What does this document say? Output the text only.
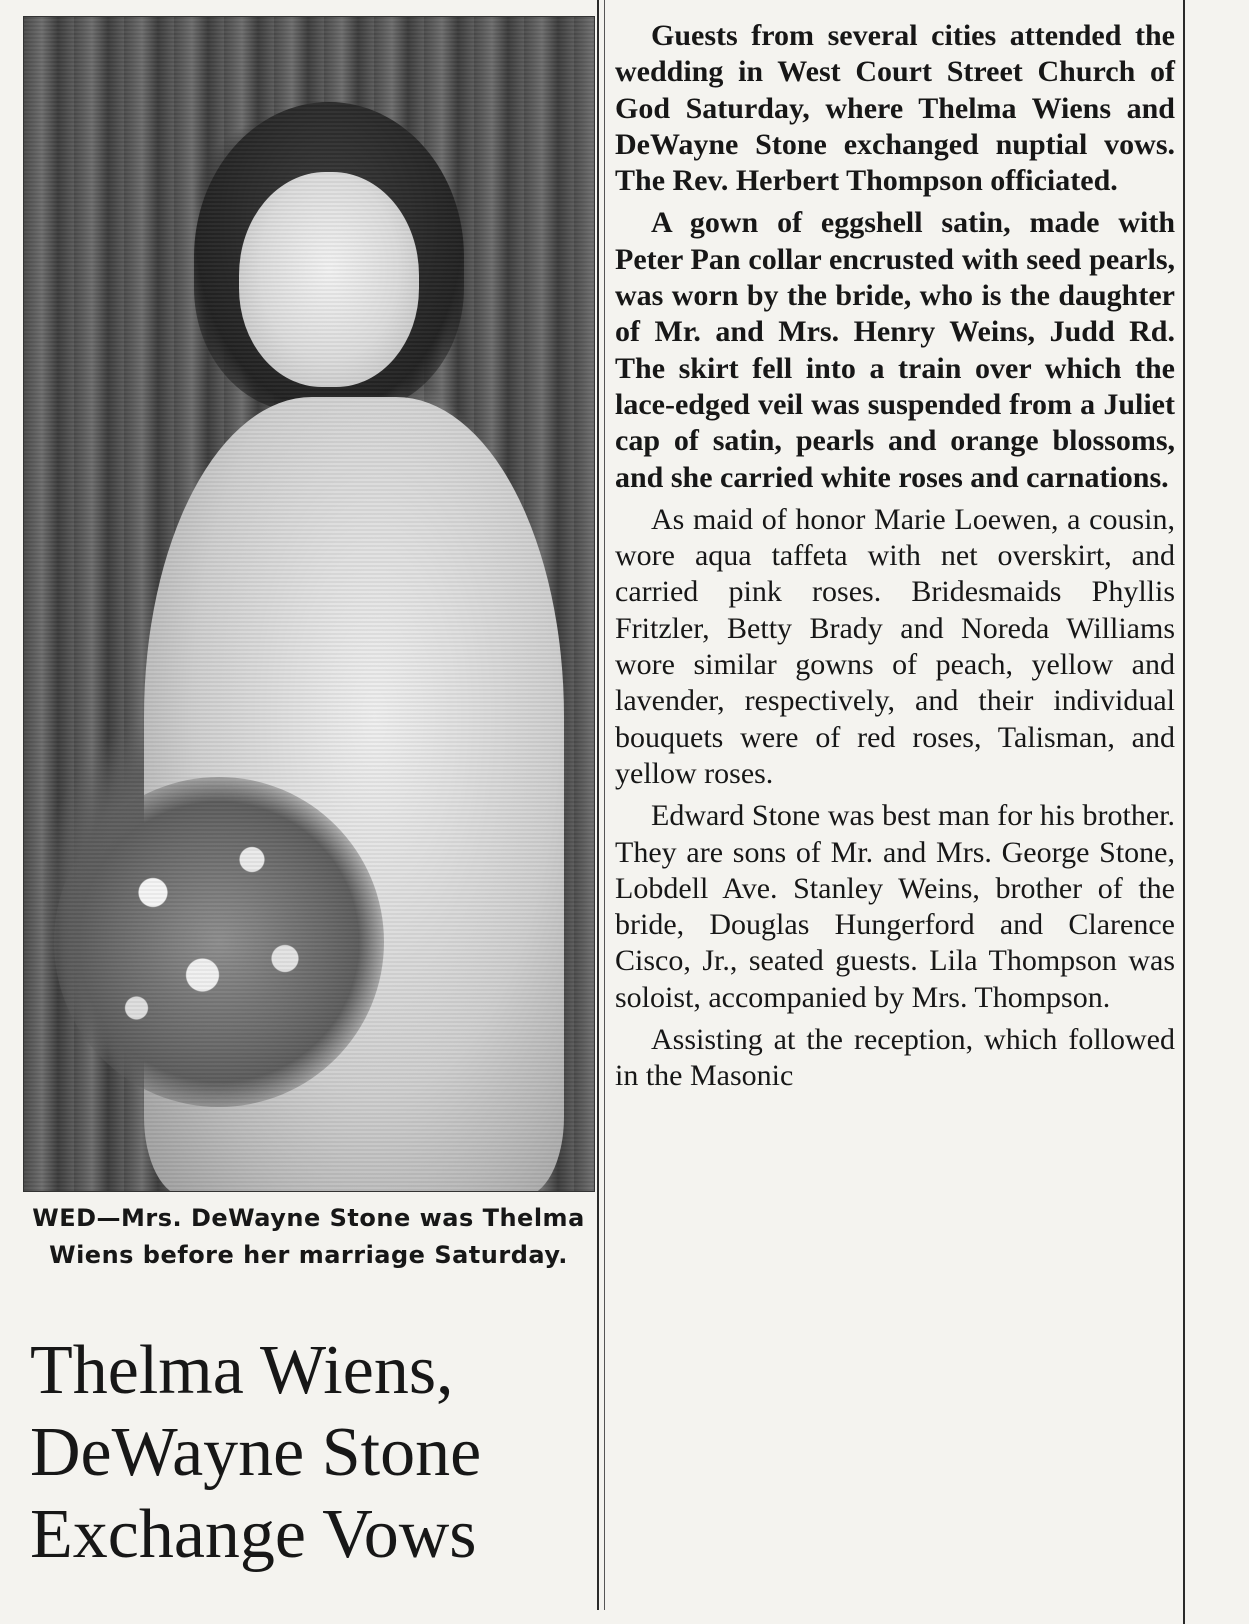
WED—Mrs. DeWayne Stone was Thelma Wiens before her marriage Saturday.
Thelma Wiens,
DeWayne Stone
Exchange Vows

Guests from several cities attended the wedding in West Court Street Church of God Saturday, where Thelma Wiens and DeWayne Stone exchanged nuptial vows. The Rev. Herbert Thompson officiated.

A gown of eggshell satin, made with Peter Pan collar encrusted with seed pearls, was worn by the bride, who is the daughter of Mr. and Mrs. Henry Weins, Judd Rd. The skirt fell into a train over which the lace-edged veil was suspended from a Juliet cap of satin, pearls and orange blossoms, and she carried white roses and carnations.

As maid of honor Marie Loewen, a cousin, wore aqua taffeta with net overskirt, and carried pink roses. Bridesmaids Phyllis Fritzler, Betty Brady and Noreda Williams wore similar gowns of peach, yellow and lavender, respectively, and their individual bouquets were of red roses, Talisman, and yellow roses.

Edward Stone was best man for his brother. They are sons of Mr. and Mrs. George Stone, Lobdell Ave. Stanley Weins, brother of the bride, Douglas Hungerford and Clarence Cisco, Jr., seated guests. Lila Thompson was soloist, accompanied by Mrs. Thompson.

Assisting at the reception, which followed in the Masonic
